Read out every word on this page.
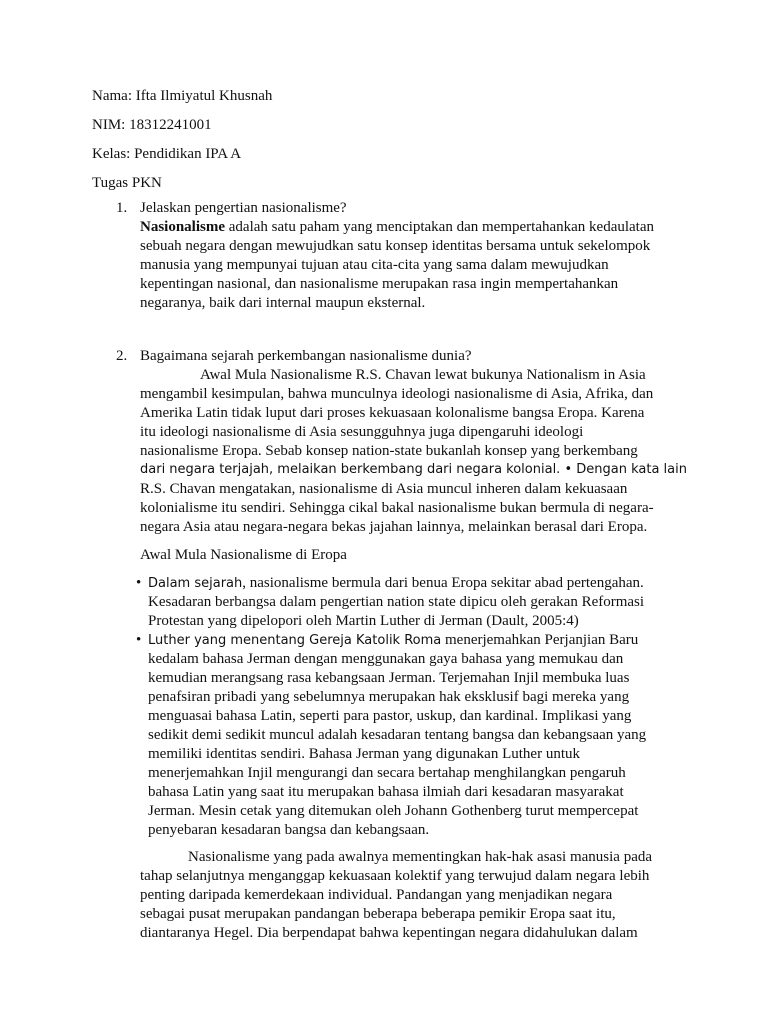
Nama: Ifta Ilmiyatul Khusnah
NIM: 18312241001
Kelas: Pendidikan IPA A
Tugas PKN
1. Jelaskan pengertian nasionalisme?
Nasionalisme adalah satu paham yang menciptakan dan mempertahankan kedaulatan
sebuah negara dengan mewujudkan satu konsep identitas bersama untuk sekelompok
manusia yang mempunyai tujuan atau cita-cita yang sama dalam mewujudkan
kepentingan nasional, dan nasionalisme merupakan rasa ingin mempertahankan
negaranya, baik dari internal maupun eksternal.
2. Bagaimana sejarah perkembangan nasionalisme dunia?
Awal Mula Nasionalisme R.S. Chavan lewat bukunya Nationalism in Asia
mengambil kesimpulan, bahwa munculnya ideologi nasionalisme di Asia, Afrika, dan
Amerika Latin tidak luput dari proses kekuasaan kolonalisme bangsa Eropa. Karena
itu ideologi nasionalisme di Asia sesungguhnya juga dipengaruhi ideologi
nasionalisme Eropa. Sebab konsep nation-state bukanlah konsep yang berkembang
dari negara terjajah, melaikan berkembang dari negara kolonial. • Dengan kata lain
R.S. Chavan mengatakan, nasionalisme di Asia muncul inheren dalam kekuasaan
kolonialisme itu sendiri. Sehingga cikal bakal nasionalisme bukan bermula di negara-
negara Asia atau negara-negara bekas jajahan lainnya, melainkan berasal dari Eropa.
Awal Mula Nasionalisme di Eropa
• Dalam sejarah, nasionalisme bermula dari benua Eropa sekitar abad pertengahan.
Kesadaran berbangsa dalam pengertian nation state dipicu oleh gerakan Reformasi
Protestan yang dipelopori oleh Martin Luther di Jerman (Dault, 2005:4)
• Luther yang menentang Gereja Katolik Roma menerjemahkan Perjanjian Baru
kedalam bahasa Jerman dengan menggunakan gaya bahasa yang memukau dan
kemudian merangsang rasa kebangsaan Jerman. Terjemahan Injil membuka luas
penafsiran pribadi yang sebelumnya merupakan hak eksklusif bagi mereka yang
menguasai bahasa Latin, seperti para pastor, uskup, dan kardinal. Implikasi yang
sedikit demi sedikit muncul adalah kesadaran tentang bangsa dan kebangsaan yang
memiliki identitas sendiri. Bahasa Jerman yang digunakan Luther untuk
menerjemahkan Injil mengurangi dan secara bertahap menghilangkan pengaruh
bahasa Latin yang saat itu merupakan bahasa ilmiah dari kesadaran masyarakat
Jerman. Mesin cetak yang ditemukan oleh Johann Gothenberg turut mempercepat
penyebaran kesadaran bangsa dan kebangsaan.
Nasionalisme yang pada awalnya mementingkan hak-hak asasi manusia pada
tahap selanjutnya menganggap kekuasaan kolektif yang terwujud dalam negara lebih
penting daripada kemerdekaan individual. Pandangan yang menjadikan negara
sebagai pusat merupakan pandangan beberapa beberapa pemikir Eropa saat itu,
diantaranya Hegel. Dia berpendapat bahwa kepentingan negara didahulukan dalam
